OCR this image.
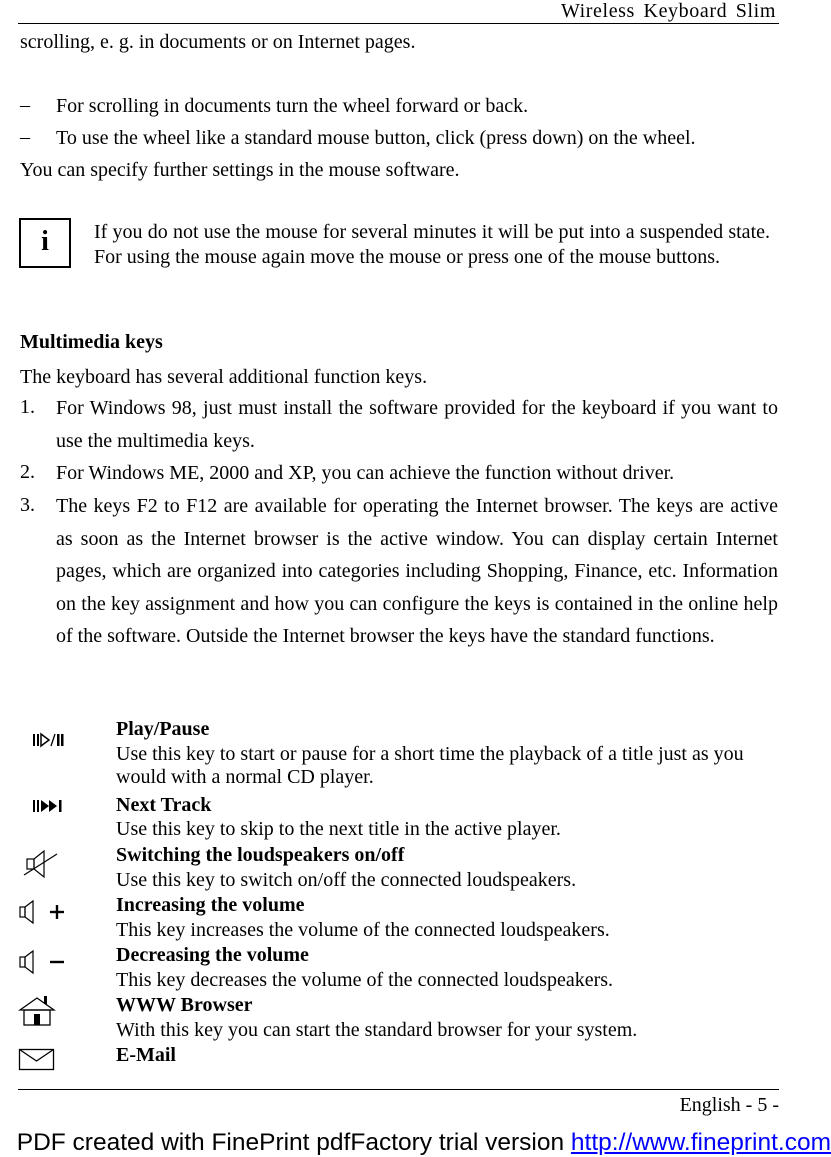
Wireless Keyboard Slim
scrolling, e. g. in documents or on Internet pages.
– For scrolling in documents turn the wheel forward or back.
– To use the wheel like a standard mouse button, click (press down) on the wheel.
You can specify further settings in the mouse software.
i	If you do not use the mouse for several minutes it will be put into a suspended state. For using the mouse again move the mouse or press one of the mouse buttons.
Multimedia keys
The keyboard has several additional function keys.
1. For Windows 98, just must install the software provided for the keyboard if you want to use the multimedia keys.
2. For Windows ME, 2000 and XP, you can achieve the function without driver.
3. The keys F2 to F12 are available for operating the Internet browser. The keys are active as soon as the Internet browser is the active window. You can display certain Internet pages, which are organized into categories including Shopping, Finance, etc. Information on the key assignment and how you can configure the keys is contained in the online help of the software. Outside the Internet browser the keys have the standard functions.
Play/Pause
Use this key to start or pause for a short time the playback of a title just as you would with a normal CD player.
Next Track
Use this key to skip to the next title in the active player.
Switching the loudspeakers on/off
Use this key to switch on/off the connected loudspeakers.
Increasing the volume
This key increases the volume of the connected loudspeakers.
Decreasing the volume
This key decreases the volume of the connected loudspeakers.
WWW Browser
With this key you can start the standard browser for your system.
E-Mail
English - 5 -
PDF created with FinePrint pdfFactory trial version http://www.fineprint.com
